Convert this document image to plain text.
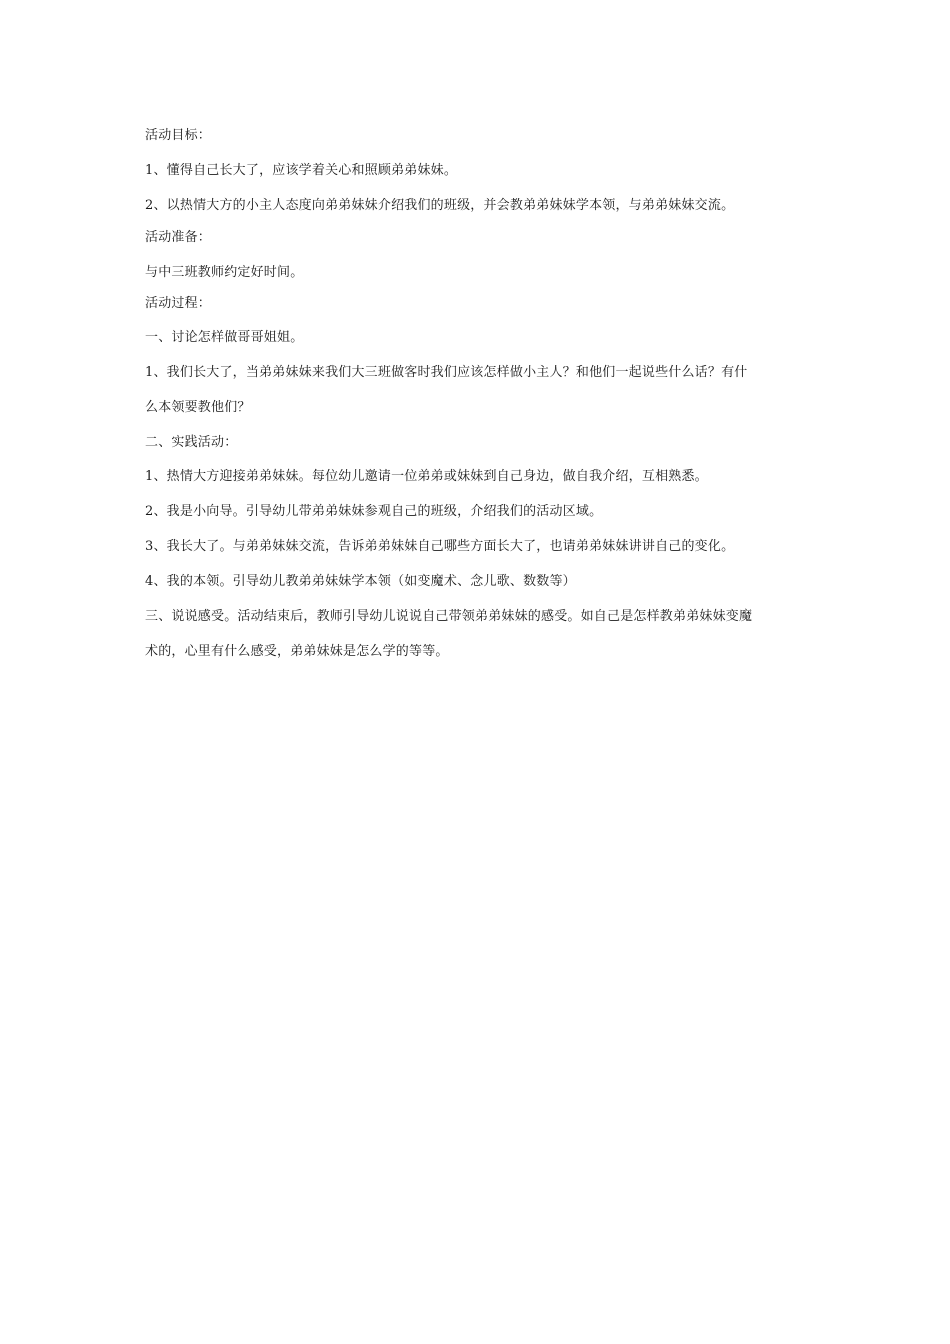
活动目标：
1、懂得自己长大了，应该学着关心和照顾弟弟妹妹。
2、以热情大方的小主人态度向弟弟妹妹介绍我们的班级，并会教弟弟妹妹学本领，与弟弟妹妹交流。
活动准备：
与中三班教师约定好时间。
活动过程：
一、讨论怎样做哥哥姐姐。
1、我们长大了，当弟弟妹妹来我们大三班做客时我们应该怎样做小主人？和他们一起说些什么话？有什
么本领要教他们？
二、实践活动：
1、热情大方迎接弟弟妹妹。每位幼儿邀请一位弟弟或妹妹到自己身边，做自我介绍，互相熟悉。
2、我是小向导。引导幼儿带弟弟妹妹参观自己的班级，介绍我们的活动区域。
3、我长大了。与弟弟妹妹交流，告诉弟弟妹妹自己哪些方面长大了，也请弟弟妹妹讲讲自己的变化。
4、我的本领。引导幼儿教弟弟妹妹学本领（如变魔术、念儿歌、数数等）
三、说说感受。活动结束后，教师引导幼儿说说自己带领弟弟妹妹的感受。如自己是怎样教弟弟妹妹变魔
术的，心里有什么感受，弟弟妹妹是怎么学的等等。
